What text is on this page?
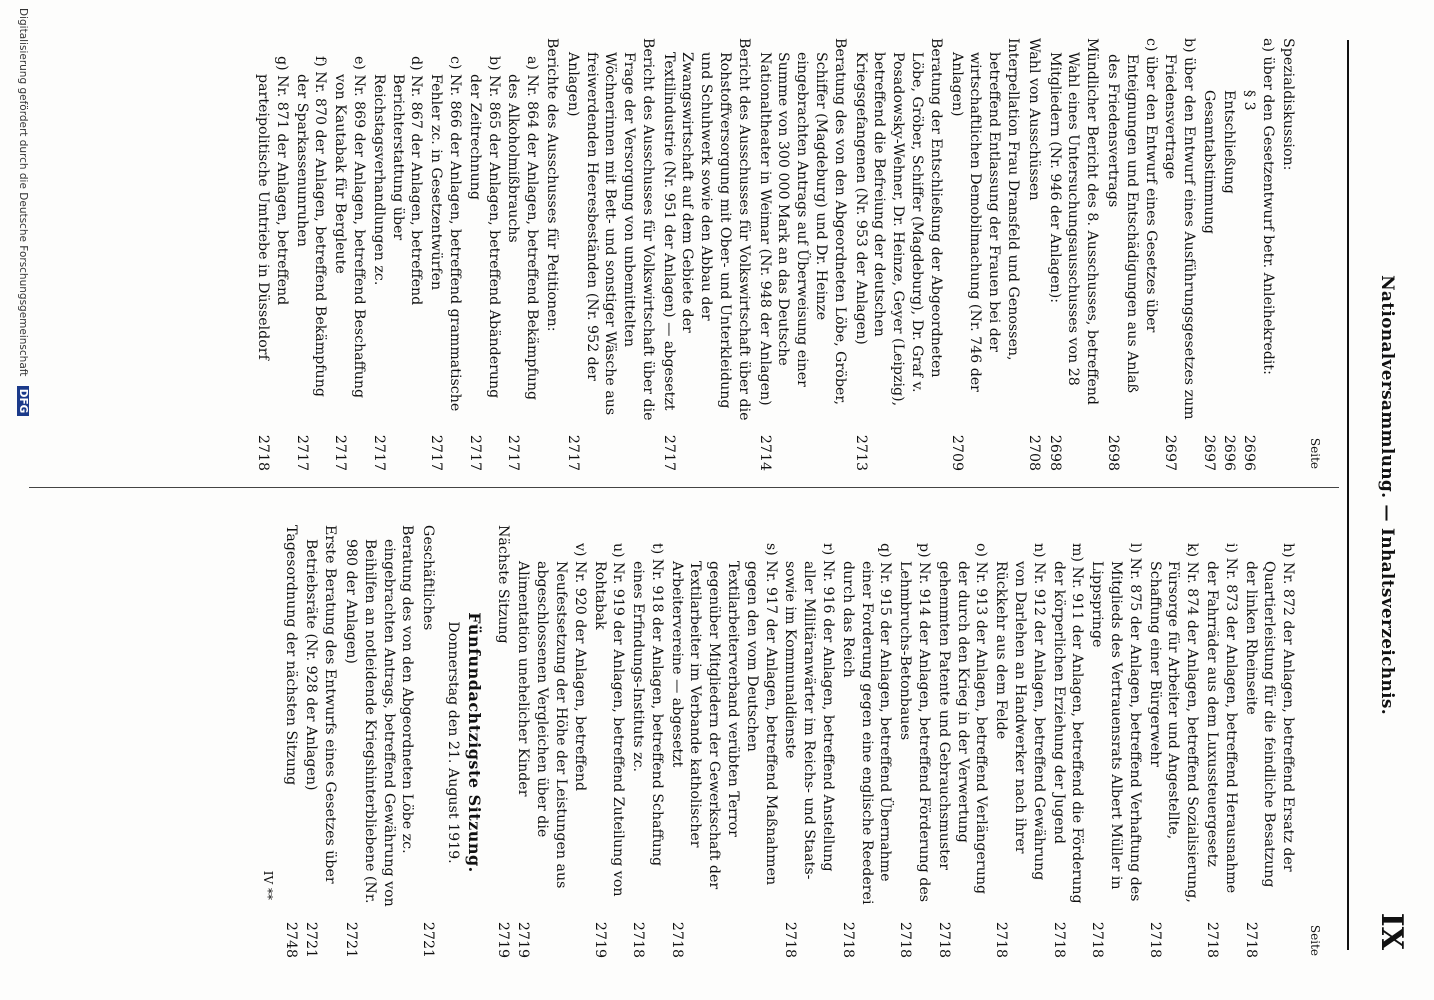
Nationalversammlung. — Inhaltsverzeichnis.
IX
Seite
Spezialdiskussion:
a) über den Gesetzentwurf betr. Anleihekredit:
§ 3
2696
Entschließung
2696
Gesamtabstimmung
2697
b) über den Entwurf eines Ausführungsgesetzes zum Friedensvertrage
2697
c) über den Entwurf eines Gesetzes über Enteignungen und Entschädigungen aus Anlaß des Friedensvertrags
2698
Mündlicher Bericht des 8. Ausschusses, betreffend Wahl eines Untersuchungsausschusses von 28 Mitgliedern (Nr. 946 der Anlagen):
2698
Wahl von Ausschüssen
2708
Interpellation Frau Dransfeld und Genossen, betreffend Entlassung der Frauen bei der wirtschaftlichen Demobilmachung (Nr. 746 der Anlagen)
2709
Beratung der Entschließung der Abgeordneten Löbe, Gröber, Schiffer (Magdeburg), Dr. Graf v. Posadowsky-Wehner, Dr. Heinze, Geyer (Leipzig), betreffend die Befreiung der deutschen Kriegsgefangenen (Nr. 953 der Anlagen)
2713
Beratung des von den Abgeordneten Löbe, Gröber, Schiffer (Magdeburg) und Dr. Heinze eingebrachten Antrags auf Überweisung einer Summe von 300 000 Mark an das Deutsche Nationaltheater in Weimar (Nr. 948 der Anlagen)
2714
Bericht des Ausschusses für Volkswirtschaft über die Rohstoffversorgung mit Ober- und Unterkleidung und Schuhwerk sowie den Abbau der Zwangswirtschaft auf dem Gebiete der Textilindustrie (Nr. 951 der Anlagen) — abgesetzt
2717
Bericht des Ausschusses für Volkswirtschaft über die Frage der Versorgung von unbemittelten Wöchnerinnen mit Bett- und sonstiger Wäsche aus freiwerdenden Heeresbeständen (Nr. 952 der Anlagen)
2717
Berichte des Ausschusses für Petitionen:
a) Nr. 864 der Anlagen, betreffend Bekämpfung des Alkoholmißbrauchs
2717
b) Nr. 865 der Anlagen, betreffend Abänderung der Zeitrechnung
2717
c) Nr. 866 der Anlagen, betreffend grammatische Fehler zc. in Gesetzentwürfen
2717
d) Nr. 867 der Anlagen, betreffend Berichterstattung über Reichstagsverhandlungen zc.
2717
e) Nr. 869 der Anlagen, betreffend Beschaffung von Kautabak für Bergleute
2717
f) Nr. 870 der Anlagen, betreffend Bekämpfung der Sparkassenunruhen
2717
g) Nr. 871 der Anlagen, betreffend parteipolitische Umtriebe in Düsseldorf
2718
Seite
h) Nr. 872 der Anlagen, betreffend Ersatz der Quartierleistung für die feindliche Besatzung der linken Rheinseite
2718
i) Nr. 873 der Anlagen, betreffend Herausnahme der Fahrräder aus dem Luxussteuergesetz
2718
k) Nr. 874 der Anlagen, betreffend Sozialisierung, Fürsorge für Arbeiter und Angestellte, Schaffung einer Bürgerwehr
2718
l) Nr. 875 der Anlagen, betreffend Verhaftung des Mitglieds des Vertrauensrats Albert Müller in Lippspringe
2718
m) Nr. 911 der Anlagen, betreffend die Förderung der körperlichen Erziehung der Jugend
2718
n) Nr. 912 der Anlagen, betreffend Gewährung von Darlehen an Handwerker nach ihrer Rückkehr aus dem Felde
2718
o) Nr. 913 der Anlagen, betreffend Verlängerung der durch den Krieg in der Verwertung gehemmten Patente und Gebrauchsmuster
2718
p) Nr. 914 der Anlagen, betreffend Förderung des Lehmbruchs-Betonbaues
2718
q) Nr. 915 der Anlagen, betreffend Übernahme einer Forderung gegen eine englische Reederei durch das Reich
2718
r) Nr. 916 der Anlagen, betreffend Anstellung aller Militäranwärter im Reichs- und Staats- sowie im Kommunaldienste
2718
s) Nr. 917 der Anlagen, betreffend Maßnahmen gegen den vom Deutschen Textilarbeiterverband verübten Terror gegenüber Mitgliedern der Gewerkschaft der Textilarbeiter im Verbande katholischer Arbeitervereine — abgesetzt
2718
t) Nr. 918 der Anlagen, betreffend Schaffung eines Erfindungs-Instituts zc.
2718
u) Nr. 919 der Anlagen, betreffend Zuteilung von Rohtabak
2719
v) Nr. 920 der Anlagen, betreffend Neufestsetzung der Höhe der Leistungen aus abgeschlossenen Vergleichen über die Alimentation unehelicher Kinder
2719
Nächste Sitzung
2719
Fünfundachtzigste Sitzung.
Donnerstag den 21. August 1919.
Geschäftliches
2721
Beratung des von den Abgeordneten Löbe zc. eingebrachten Antrags, betreffend Gewährung von Beihilfen an notleidende Kriegshinterbliebene (Nr. 980 der Anlagen)
2721
Erste Beratung des Entwurfs eines Gesetzes über Betriebsräte (Nr. 928 der Anlagen)
2721
Tagesordnung der nächsten Sitzung
2748
IV **
Digitalisierung gefördert durch die Deutsche Forschungsgemeinschaft DFG
